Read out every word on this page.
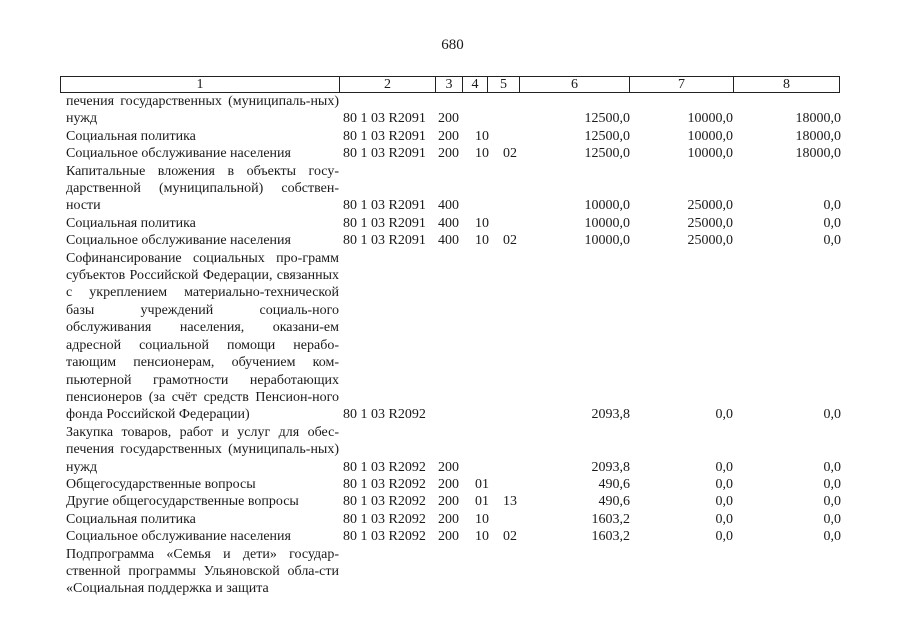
680
1	2	3	4	5	6	7	8
печения государственных (муниципаль-ных) нужд	80 1 03 R2091 200	12500,0	10000,0	18000,0
Социальная политика	80 1 03 R2091 200 10	12500,0	10000,0	18000,0
Социальное обслуживание населения	80 1 03 R2091 200 10 02	12500,0	10000,0	18000,0
Капитальные вложения в объекты госу-дарственной (муниципальной) собствен-ности	80 1 03 R2091 400	10000,0	25000,0	0,0
Социальная политика	80 1 03 R2091 400 10	10000,0	25000,0	0,0
Социальное обслуживание населения	80 1 03 R2091 400 10 02	10000,0	25000,0	0,0
Софинансирование социальных про-грамм субъектов Российской Федерации, связанных с укреплением материально-технической базы учреждений социаль-ного обслуживания населения, оказани-ем адресной социальной помощи нерабо-тающим пенсионерам, обучением ком-пьютерной грамотности неработающих пенсионеров (за счёт средств Пенсион-ного фонда Российской Федерации)	80 1 03 R2092	2093,8	0,0	0,0
Закупка товаров, работ и услуг для обес-печения государственных (муниципаль-ных) нужд	80 1 03 R2092 200	2093,8	0,0	0,0
Общегосударственные вопросы	80 1 03 R2092 200 01	490,6	0,0	0,0
Другие общегосударственные вопросы	80 1 03 R2092 200 01 13	490,6	0,0	0,0
Социальная политика	80 1 03 R2092 200 10	1603,2	0,0	0,0
Социальное обслуживание населения	80 1 03 R2092 200 10 02	1603,2	0,0	0,0
Подпрограмма «Семья и дети» государ-ственной программы Ульяновской обла-сти «Социальная поддержка и защита
